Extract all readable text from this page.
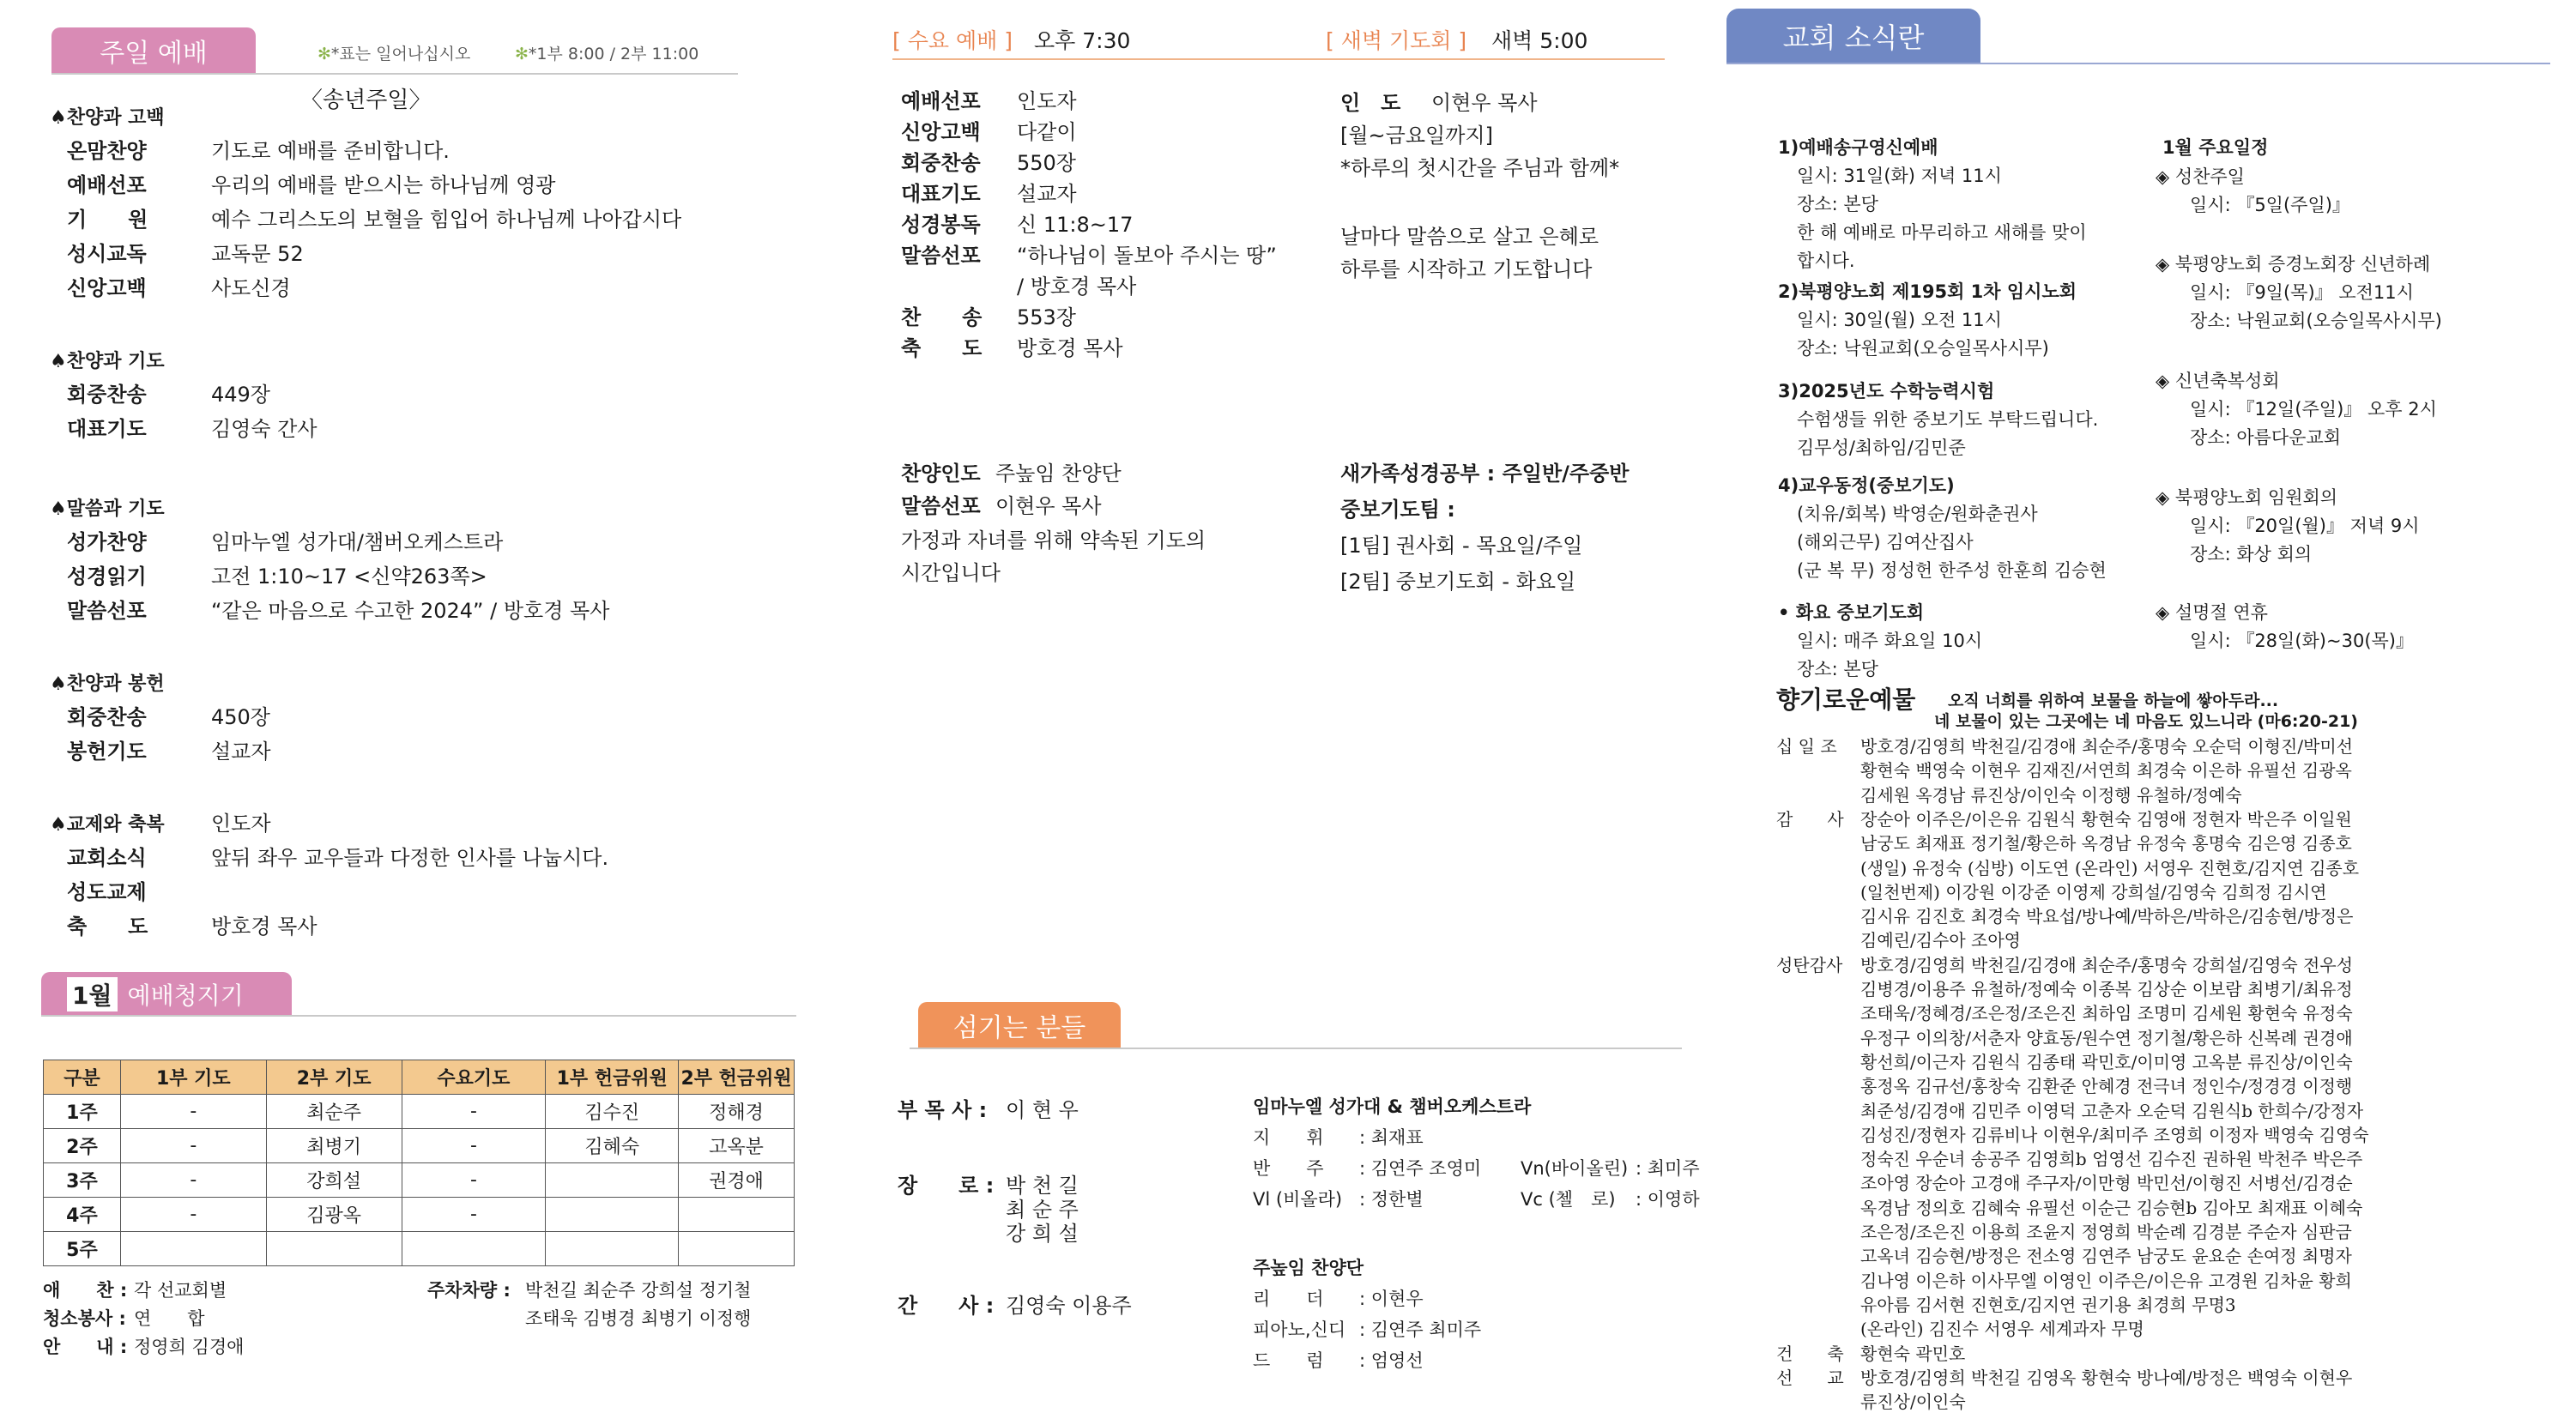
주일 예배	✻*표는 일어나십시오	✻*1부 8:00 / 2부 11:00
〈송년주일〉
♠찬양과 고백
온맘찬양	기도로 예배를 준비합니다.
예배선포	우리의 예배를 받으시는 하나님께 영광
기　　원	예수 그리스도의 보혈을 힘입어 하나님께 나아갑시다
성시교독	교독문 52
신앙고백	사도신경
♠찬양과 기도
회중찬송	449장
대표기도	김영숙 간사
♠말씀과 기도
성가찬양	임마누엘 성가대/챔버오케스트라
성경읽기	고전 1:10~17 <신약263쪽>
말씀선포	“같은 마음으로 수고한 2024” / 방호경 목사
♠찬양과 봉헌
회중찬송	450장
봉헌기도	설교자
♠교제와 축복 인도자
교회소식	앞뒤 좌우 교우들과 다정한 인사를 나눕시다.
성도교제
축　　도	방호경 목사
1월 예배청지기
구분	1부 기도	2부 기도	수요기도	1부 헌금위원	2부 헌금위원
1주	-	최순주	-	김수진	정해경
2주	-	최병기	-	김혜숙	고옥분
3주	-	강희설	-		권경애
4주	-	김광옥	-		
5주					
애　　찬 : 각 선교회별
청소봉사 : 연　　합
안　　내 : 정영희 김경애
주차차량 : 박천길 최순주 강희설 정기철
조태욱 김병경 최병기 이정행
[ 수요 예배 ] 오후 7:30	[ 새벽 기도회 ] 새벽 5:00
예배선포 인도자
신앙고백 다같이
회중찬송 550장
대표기도 설교자
성경봉독 신 11:8~17
말씀선포 “하나님이 돌보아 주시는 땅”
/ 방호경 목사
찬　　송 553장
축　　도 방호경 목사
인　도 이현우 목사
[월~금요일까지]
*하루의 첫시간을 주님과 함께*
날마다 말씀으로 살고 은혜로
하루를 시작하고 기도합니다
찬양인도 주높임 찬양단
말씀선포 이현우 목사
가정과 자녀를 위해 약속된 기도의
시간입니다
새가족성경공부 : 주일반/주중반
중보기도팀 :
[1팀] 권사회 - 목요일/주일
[2팀] 중보기도회 - 화요일
섬기는 분들
부 목 사 : 이 현 우
장　　로 : 박 천 길
최 순 주
강 희 설
간　　사 : 김영숙 이용주
임마누엘 성가대 & 챔버오케스트라
지　　휘 : 최재표
반　　주 : 김연주 조영미
Vl (비올라) : 정한별
Vn(바이올린) : 최미주
Vc (첼　로) : 이영하
주높임 찬양단
리　　더 : 이현우
피아노,신디 : 김연주 최미주
드　　럼 : 엄영선
교회 소식란
1)예배송구영신예배
일시: 31일(화) 저녁 11시
장소: 본당
한 해 예배로 마무리하고 새해를 맞이
합시다.
2)북평양노회 제195회 1차 임시노회
일시: 30일(월) 오전 11시
장소: 낙원교회(오승일목사시무)
3)2025년도 수학능력시험
수험생들 위한 중보기도 부탁드립니다.
김무성/최하임/김민준
4)교우동정(중보기도)
(치유/회복) 박영순/원화춘권사
(해외근무) 김여산집사
(군 복 무) 정성헌 한주성 한훈희 김승현
• 화요 중보기도회
일시: 매주 화요일 10시
장소: 본당
1월 주요일정
◈ 성찬주일
일시: 『5일(주일)』
◈ 북평양노회 증경노회장 신년하례
일시: 『9일(목)』 오전11시
장소: 낙원교회(오승일목사시무)
◈ 신년축복성회
일시: 『12일(주일)』 오후 2시
장소: 아름다운교회
◈ 북평양노회 임원회의
일시: 『20일(월)』 저녁 9시
장소: 화상 회의
◈ 설명절 연휴
일시: 『28일(화)~30(목)』
향기로운예물 오직 너희를 위하여 보물을 하늘에 쌓아두라...
네 보물이 있는 그곳에는 네 마음도 있느니라 (마6:20-21)
십 일 조 방호경/김영희 박천길/김경애 최순주/홍명숙 오순덕 이형진/박미선
황현숙 백영숙 이현우 김재진/서연희 최경숙 이은하 유필선 김광옥
김세원 옥경남 류진상/이인숙 이정행 유철하/정예숙
감　　사 장순아 이주은/이은유 김원식 황현숙 김영애 정현자 박은주 이일원
남궁도 최재표 정기철/황은하 옥경남 유정숙 홍명숙 김은영 김종호
(생일) 유정숙 (심방) 이도연 (온라인) 서영우 진현호/김지연 김종호
(일천번제) 이강원 이강준 이영제 강희설/김영숙 김희정 김시연
김시유 김진호 최경숙 박요섭/방나예/박하은/박하은/김송현/방정은
김예린/김수아 조아영
성탄감사 방호경/김영희 박천길/김경애 최순주/홍명숙 강희설/김영숙 전우성
김병경/이용주 유철하/정예숙 이종복 김상순 이보람 최병기/최유정
조태욱/정혜경/조은정/조은진 최하임 조명미 김세원 황현숙 유정숙
우정구 이의창/서춘자 양효동/원수연 정기철/황은하 신복례 권경애
황선희/이근자 김원식 김종태 곽민호/이미영 고옥분 류진상/이인숙
홍정옥 김규선/홍창숙 김환준 안혜경 전극녀 정인수/정경경 이정행
최준성/김경애 김민주 이영덕 고춘자 오순덕 김원식b 한희수/강정자
김성진/정현자 김류비나 이현우/최미주 조영희 이정자 백영숙 김영숙
정숙진 우순녀 송공주 김영희b 엄영선 김수진 권하원 박천주 박은주
조아영 장순아 고경애 주구자/이만형 박민선/이형진 서병선/김경순
옥경남 정의호 김혜숙 유필선 이순근 김승현b 김아모 최재표 이혜숙
조은정/조은진 이용희 조윤지 정영희 박순례 김경분 주순자 심판금
고옥녀 김승현/방정은 전소영 김연주 남궁도 윤요순 손여정 최명자
김나영 이은하 이사무엘 이영인 이주은/이은유 고경원 김차윤 황희
유아름 김서현 진현호/김지연 권기용 최경희 무명3
(온라인) 김진수 서영우 세계과자 무명
건　　축 황현숙 곽민호
선　　교 방호경/김영희 박천길 김영옥 황현숙 방나예/방정은 백영숙 이현우
류진상/이인숙
